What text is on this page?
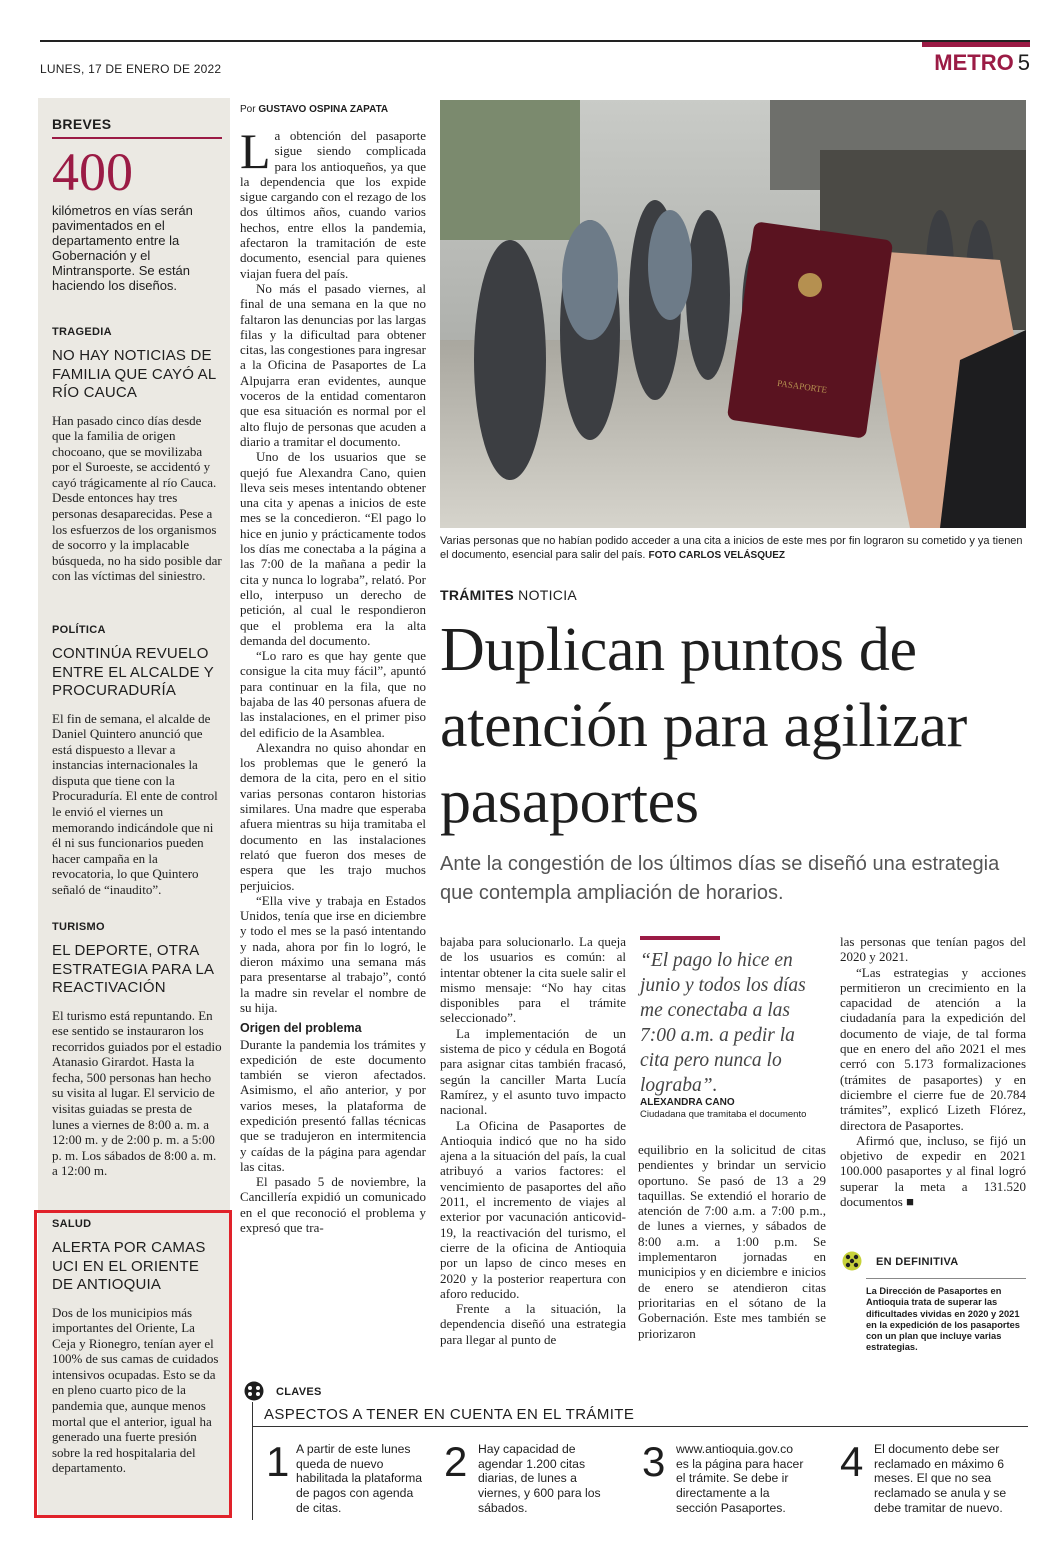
LUNES, 17 DE ENERO DE 2022	METRO 5
BREVES
400
kilómetros en vías serán pavimentados en el departamento entre la Gobernación y el Mintransporte. Se están haciendo los diseños.
TRAGEDIA
NO HAY NOTICIAS DE FAMILIA QUE CAYÓ AL RÍO CAUCA
Han pasado cinco días desde que la familia de origen chocoano, que se movilizaba por el Suroeste, se accidentó y cayó trágicamente al río Cauca. Desde entonces hay tres personas desaparecidas. Pese a los esfuerzos de los organismos de socorro y la implacable búsqueda, no ha sido posible dar con las víctimas del siniestro.
POLÍTICA
CONTINÚA REVUELO ENTRE EL ALCALDE Y PROCURADURÍA
El fin de semana, el alcalde de Daniel Quintero anunció que está dispuesto a llevar a instancias internacionales la disputa que tiene con la Procuraduría. El ente de control le envió el viernes un memorando indicándole que ni él ni sus funcionarios pueden hacer campaña en la revocatoria, lo que Quintero señaló de “inaudito”.
TURISMO
EL DEPORTE, OTRA ESTRATEGIA PARA LA REACTIVACIÓN
El turismo está repuntando. En ese sentido se instauraron los recorridos guiados por el estadio Atanasio Girardot. Hasta la fecha, 500 personas han hecho su visita al lugar. El servicio de visitas guiadas se presta de lunes a viernes de 8:00 a. m. a 12:00 m. y de 2:00 p. m. a 5:00 p. m. Los sábados de 8:00 a. m. a 12:00 m.
SALUD
ALERTA POR CAMAS UCI EN EL ORIENTE DE ANTIOQUIA
Dos de los municipios más importantes del Oriente, La Ceja y Rionegro, tenían ayer el 100% de sus camas de cuidados intensivos ocupadas. Esto se da en pleno cuarto pico de la pandemia que, aunque menos mortal que el anterior, igual ha generado una fuerte presión sobre la red hospitalaria del departamento.
Por GUSTAVO OSPINA ZAPATA

La obtención del pasaporte sigue siendo complicada para los antioqueños, ya que la dependencia que los expide sigue cargando con el rezago de los dos últimos años, cuando varios hechos, entre ellos la pandemia, afectaron la tramitación de este documento, esencial para quienes viajan fuera del país.

No más el pasado viernes, al final de una semana en la que no faltaron las denuncias por las largas filas y la dificultad para obtener citas, las congestiones para ingresar a la Oficina de Pasaportes de La Alpujarra eran evidentes, aunque voceros de la entidad comentaron que esa situación es normal por el alto flujo de personas que acuden a diario a tramitar el documento.

Uno de los usuarios que se quejó fue Alexandra Cano, quien lleva seis meses intentando obtener una cita y apenas a inicios de este mes se la concedieron. “El pago lo hice en junio y prácticamente todos los días me conectaba a la página a las 7:00 de la mañana a pedir la cita y nunca lo lograba”, relató. Por ello, interpuso un derecho de petición, al cual le respondieron que el problema era la alta demanda del documento.

“Lo raro es que hay gente que consigue la cita muy fácil”, apuntó para continuar en la fila, que no bajaba de las 40 personas afuera de las instalaciones, en el primer piso del edificio de la Asamblea.

Alexandra no quiso ahondar en los problemas que le generó la demora de la cita, pero en el sitio varias personas contaron historias similares. Una madre que esperaba afuera mientras su hija tramitaba el documento en las instalaciones relató que fueron dos meses de espera que les trajo muchos perjuicios.

“Ella vive y trabaja en Estados Unidos, tenía que irse en diciembre y todo el mes se la pasó intentando y nada, ahora por fin lo logró, le dieron máximo una semana más para presentarse al trabajo”, contó la madre sin revelar el nombre de su hija.

Origen del problema

Durante la pandemia los trámites y expedición de este documento también se vieron afectados. Asimismo, el año anterior, y por varios meses, la plataforma de expedición presentó fallas técnicas que se tradujeron en intermitencia y caídas de la página para agendar las citas.

El pasado 5 de noviembre, la Cancillería expidió un comunicado en el que reconoció el problema y expresó que tra-

PASAPORTE
Varias personas que no habían podido acceder a una cita a inicios de este mes por fin lograron su cometido y ya tienen el documento, esencial para salir del país. FOTO CARLOS VELÁSQUEZ
TRÁMITES NOTICIA
Duplican puntos de atención para agilizar pasaportes
Ante la congestión de los últimos días se diseñó una estrategia que contempla ampliación de horarios.

bajaba para solucionarlo. La queja de los usuarios es común: al intentar obtener la cita suele salir el mismo mensaje: “No hay citas disponibles para el trámite seleccionado”.

La implementación de un sistema de pico y cédula en Bogotá para asignar citas también fracasó, según la canciller Marta Lucía Ramírez, y el asunto tuvo impacto nacional.

La Oficina de Pasaportes de Antioquia indicó que no ha sido ajena a la situación del país, la cual atribuyó a varios factores: el vencimiento de pasaportes del año 2011, el incremento de viajes al exterior por vacunación anticovid-19, la reactivación del turismo, el cierre de la oficina de Antioquia por un lapso de cinco meses en 2020 y la posterior reapertura con aforo reducido.

Frente a la situación, la dependencia diseñó una estrategia para llegar al punto de

“El pago lo hice en junio y todos los días me conectaba a las 7:00 a.m. a pedir la cita pero nunca lo lograba”.
ALEXANDRA CANO
Ciudadana que tramitaba el documento

equilibrio en la solicitud de citas pendientes y brindar un servicio oportuno. Se pasó de 13 a 29 taquillas. Se extendió el horario de atención de 7:00 a.m. a 7:00 p.m., de lunes a viernes, y sábados de 8:00 a.m. a 1:00 p.m. Se implementaron jornadas en municipios y en diciembre e inicios de enero se atendieron citas prioritarias en el sótano de la Gobernación. Este mes también se priorizaron

las personas que tenían pagos del 2020 y 2021.

“Las estrategias y acciones permitieron un crecimiento en la capacidad de atención a la ciudadanía para la expedición del documento de viaje, de tal forma que en enero del año 2021 el mes cerró con 5.173 formalizaciones (trámites de pasaportes) y en diciembre el cierre fue de 20.784 trámites”, explicó Lizeth Flórez, directora de Pasaportes.

Afirmó que, incluso, se fijó un objetivo de expedir en 2021 100.000 pasaportes y al final logró superar la meta a 131.520 documentos ■

EN DEFINITIVA
La Dirección de Pasaportes en Antioquia trata de superar las dificultades vividas en 2020 y 2021 en la expedición de los pasaportes con un plan que incluye varias estrategias.
CLAVES
ASPECTOS A TENER EN CUENTA EN EL TRÁMITE
1 A partir de este lunes queda de nuevo habilitada la plataforma de pagos con agenda de citas.
2 Hay capacidad de agendar 1.200 citas diarias, de lunes a viernes, y 600 para los sábados.
3 www.antioquia.gov.co es la página para hacer el trámite. Se debe ir directamente a la sección Pasaportes.
4 El documento debe ser reclamado en máximo 6 meses. El que no sea reclamado se anula y se debe tramitar de nuevo.
